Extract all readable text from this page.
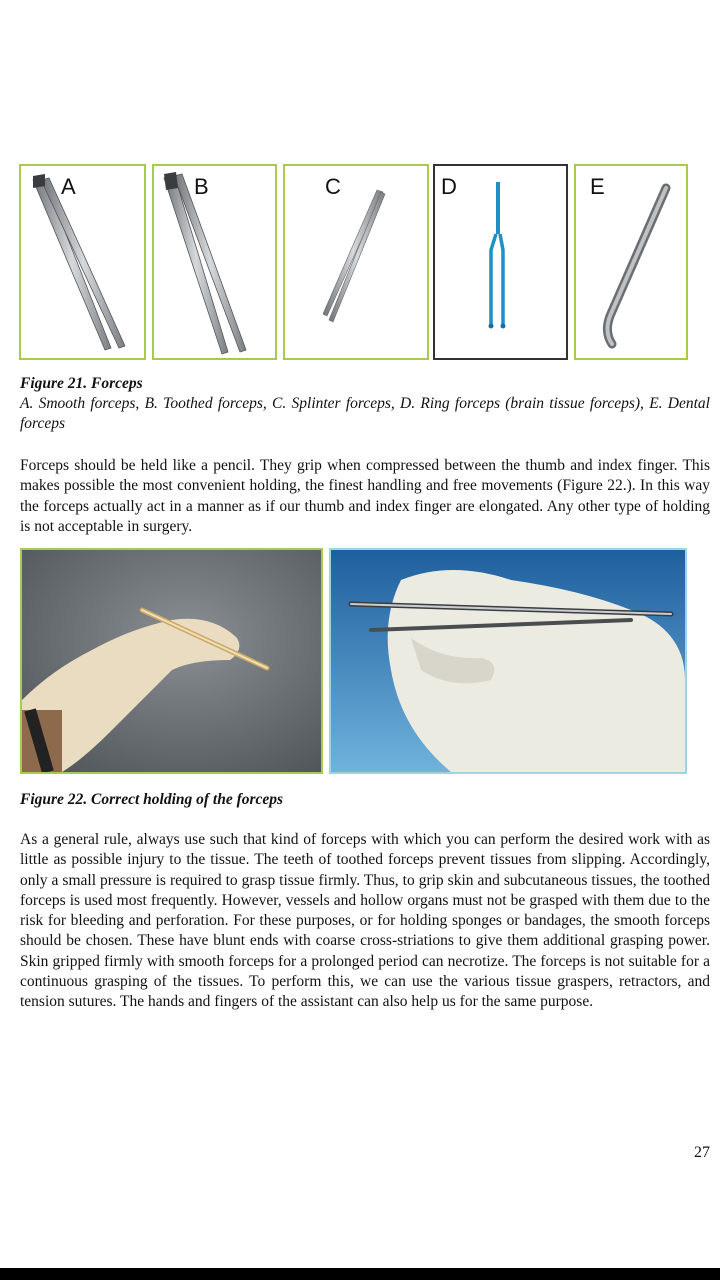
A	B	C	D	E
Figure 21. Forceps
A. Smooth forceps, B. Toothed forceps, C. Splinter forceps, D. Ring forceps (brain tissue forceps), E. Dental forceps
Forceps should be held like a pencil. They grip when compressed between the thumb and index finger. This makes possible the most convenient holding, the finest handling and free movements (Figure 22.). In this way the forceps actually act in a manner as if our thumb and index finger are elongated. Any other type of holding is not acceptable in surgery.
Figure 22. Correct holding of the forceps
As a general rule, always use such that kind of forceps with which you can perform the desired work with as little as possible injury to the tissue. The teeth of toothed forceps prevent tissues from slipping. Accordingly, only a small pressure is required to grasp tissue firmly. Thus, to grip skin and subcutaneous tissues, the toothed forceps is used most frequently. However, vessels and hollow organs must not be grasped with them due to the risk for bleeding and perforation. For these purposes, or for holding sponges or bandages, the smooth forceps should be chosen. These have blunt ends with coarse cross-striations to give them additional grasping power. Skin gripped firmly with smooth forceps for a prolonged period can necrotize. The forceps is not suitable for a continuous grasping of the tissues. To perform this, we can use the various tissue graspers, retractors, and tension sutures. The hands and fingers of the assistant can also help us for the same purpose.
27
